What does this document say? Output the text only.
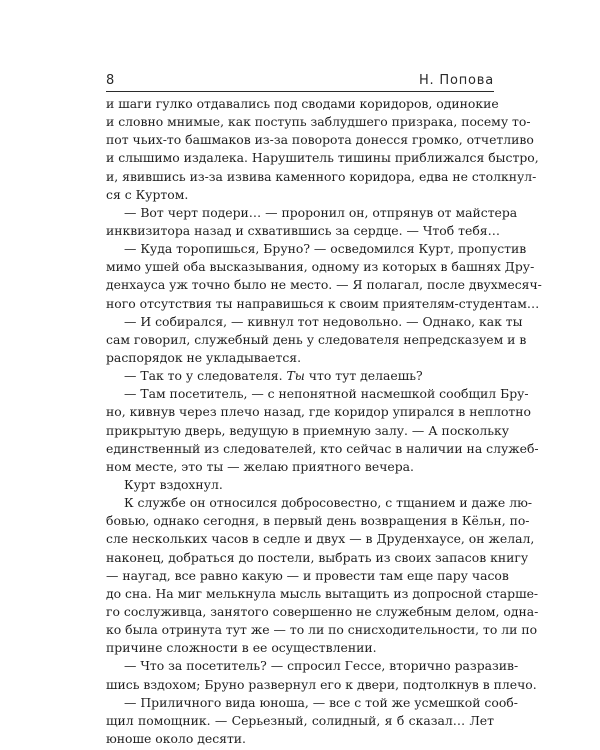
8	Н. Попова
и шаги гулко отдавались под сводами коридоров, одинокие
и словно мнимые, как поступь заблудшего призрака, посему то-
пот чьих-то башмаков из-за поворота донесся громко, отчетливо
и слышимо издалека. Нарушитель тишины приближался быстро,
и, явившись из-за извива каменного коридора, едва не столкнул-
ся с Куртом.
— Вот черт подери… — проронил он, отпрянув от майстера
инквизитора назад и схватившись за сердце. — Чтоб тебя…
— Куда торопишься, Бруно? — осведомился Курт, пропустив
мимо ушей оба высказывания, одному из которых в башнях Дру-
денхауса уж точно было не место. — Я полагал, после двухмесяч-
ного отсутствия ты направишься к своим приятелям-студентам…
— И собирался, — кивнул тот недовольно. — Однако, как ты
сам говорил, служебный день у следователя непредсказуем и в
распорядок не укладывается.
— Так то у следователя. Ты что тут делаешь?
— Там посетитель, — с непонятной насмешкой сообщил Бру-
но, кивнув через плечо назад, где коридор упирался в неплотно
прикрытую дверь, ведущую в приемную залу. — А поскольку
единственный из следователей, кто сейчас в наличии на служеб-
ном месте, это ты — желаю приятного вечера.
Курт вздохнул.
К службе он относился добросовестно, с тщанием и даже лю-
бовью, однако сегодня, в первый день возвращения в Кёльн, по-
сле нескольких часов в седле и двух — в Друденхаусе, он желал,
наконец, добраться до постели, выбрать из своих запасов книгу
— наугад, все равно какую — и провести там еще пару часов
до сна. На миг мелькнула мысль вытащить из допросной старше-
го сослуживца, занятого совершенно не служебным делом, одна-
ко была отринута тут же — то ли по снисходительности, то ли по
причине сложности в ее осуществлении.
— Что за посетитель? — спросил Гессе, вторично разразив-
шись вздохом; Бруно развернул его к двери, подтолкнув в плечо.
— Приличного вида юноша, — все с той же усмешкой сооб-
щил помощник. — Серьезный, солидный, я б сказал… Лет
юноше около десяти.
